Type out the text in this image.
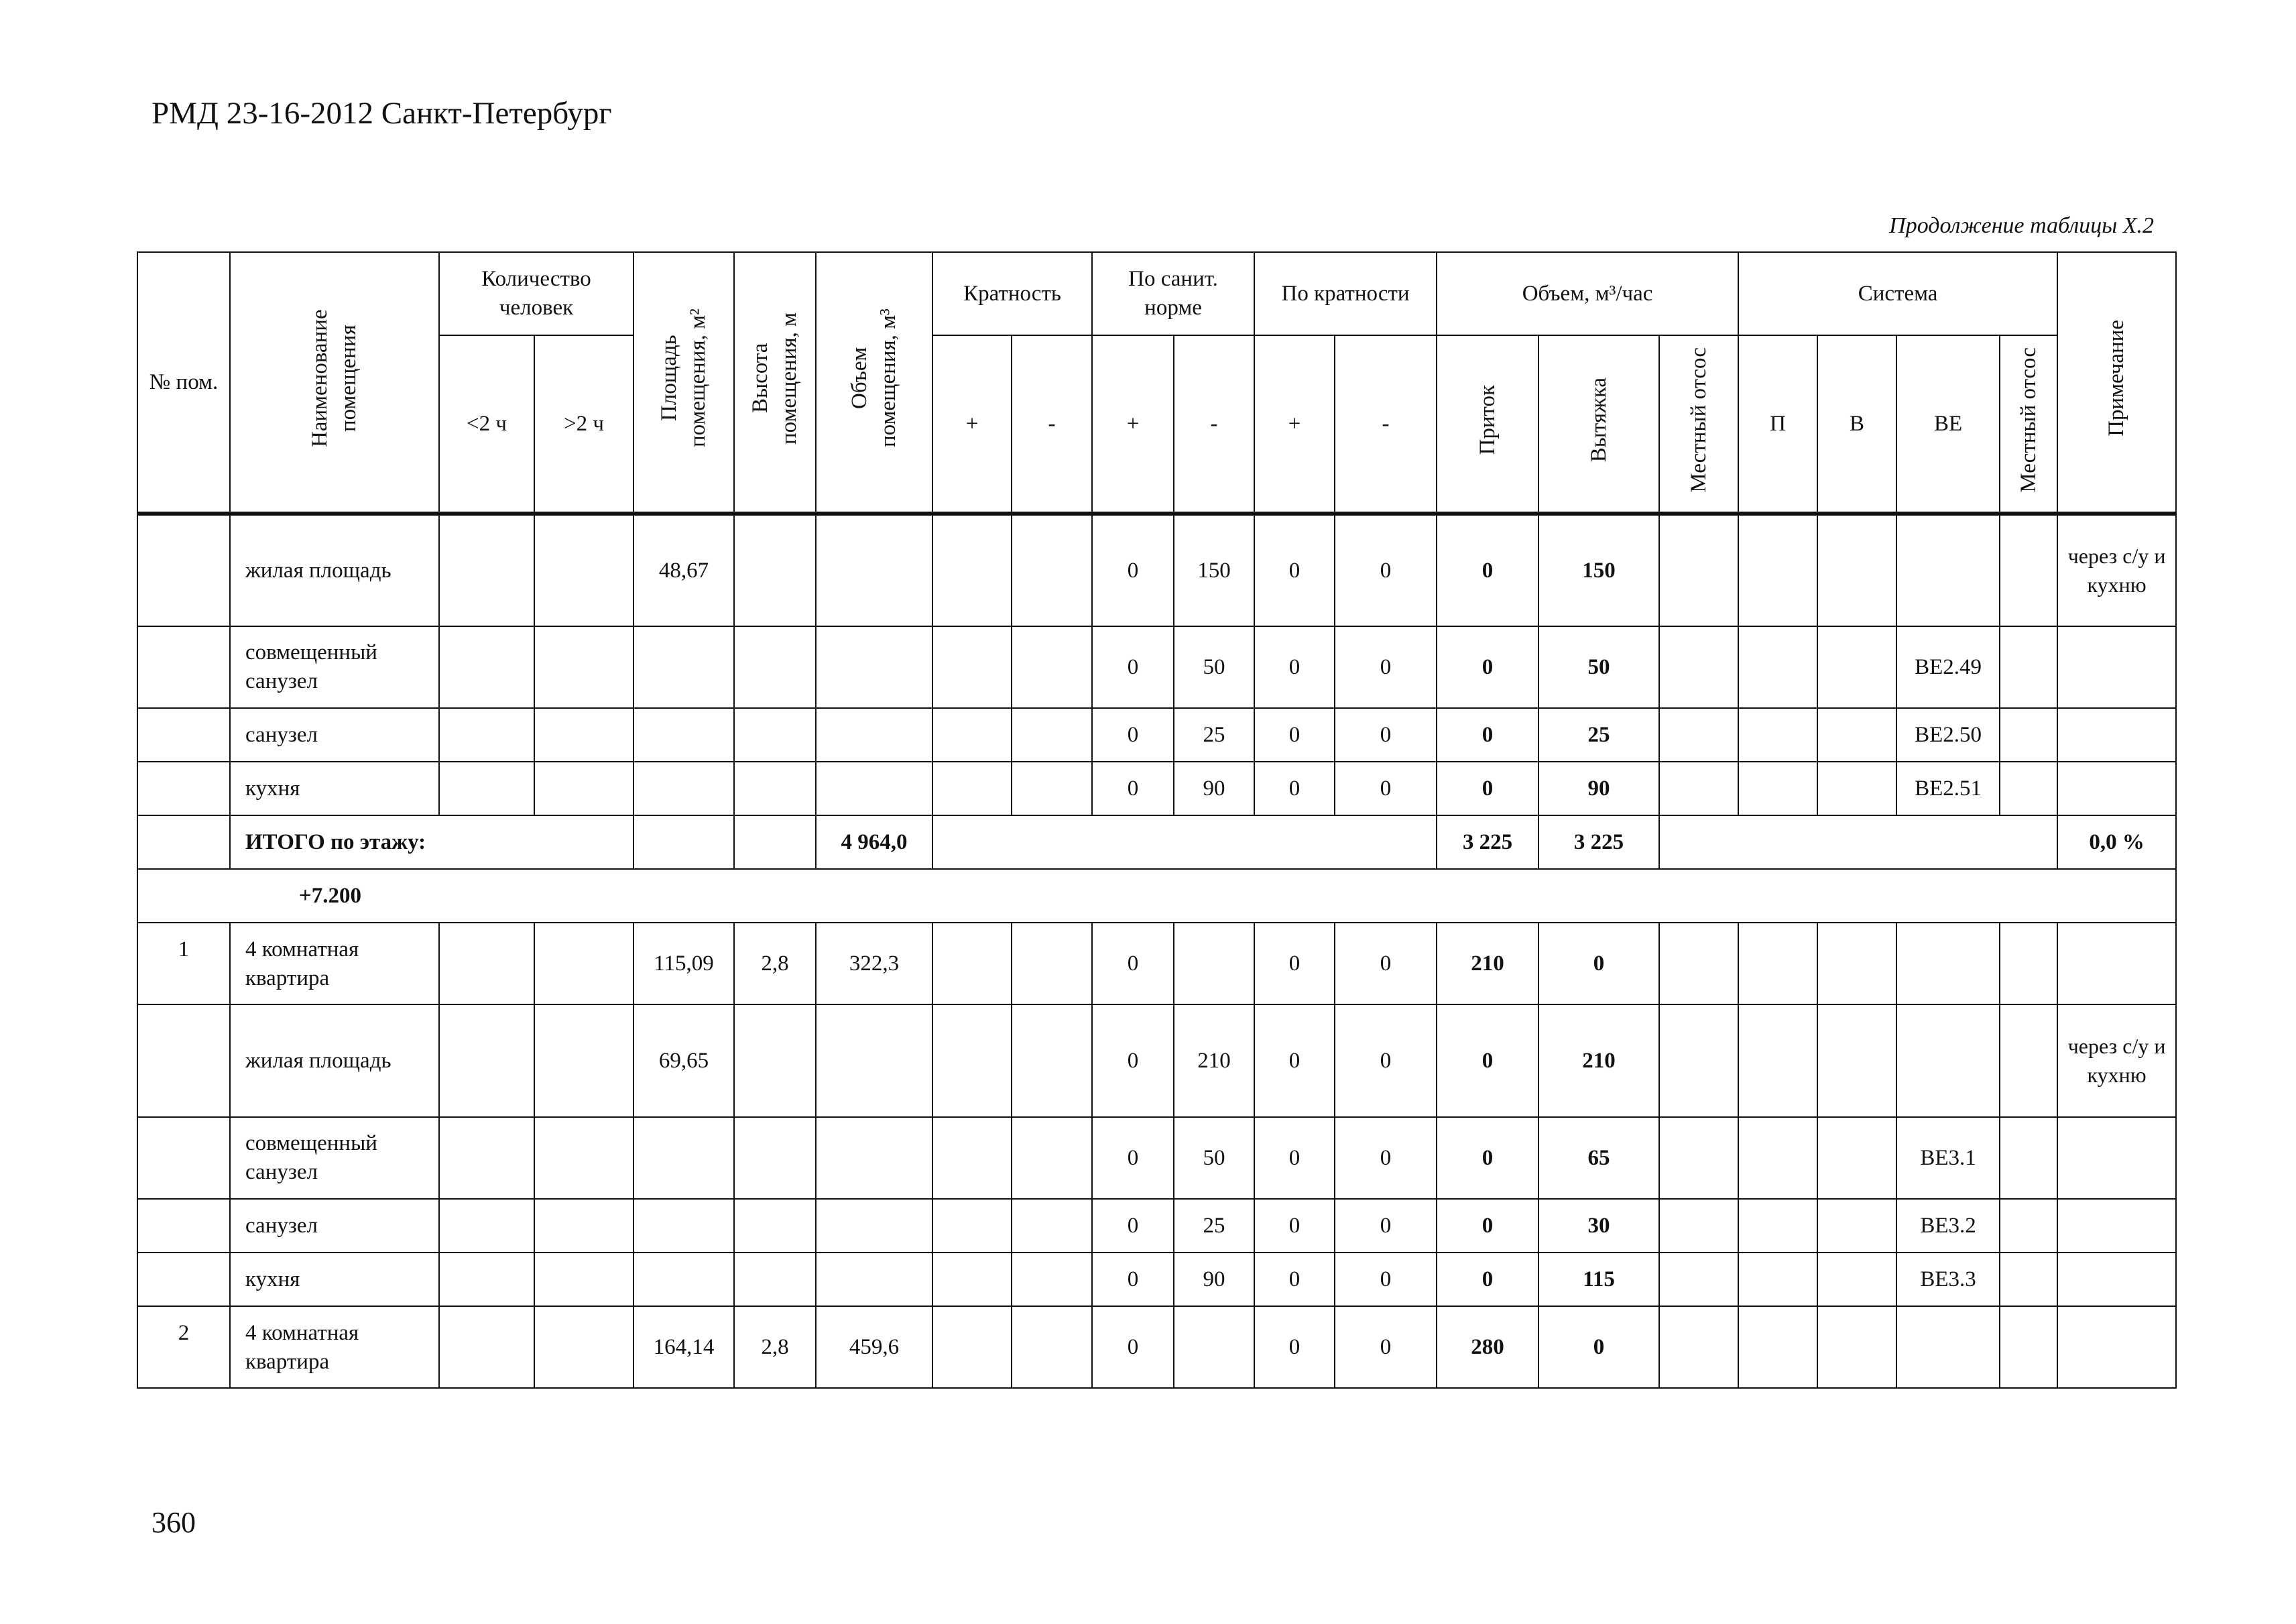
РМД 23-16-2012 Санкт-Петербург
Продолжение таблицы X.2
№ пом.	Наименование помещения	Количество человек		Площадь помещения, м²	Высота помещения, м	Объем помещения, м³	Кратность		По санит. норме		По кратности		Объем, м³/час			Система				Примечание
		<2 ч	>2 ч				+	-	+	-	+	-	Приток	Вытяжка	Местный отсос	П	В	ВЕ	Местный отсос	
	жилая площадь			48,67					0	150	0	0	0	150						через с/у и кухню
	совмещенный санузел								0	50	0	0	0	50				ВЕ2.49		
	санузел								0	25	0	0	0	25				ВЕ2.50		
	кухня								0	90	0	0	0	90				ВЕ2.51		
	ИТОГО по этажу:					4 964,0							3 225	3 225						0,0 %
+7.200																				
1	4 комнатная квартира			115,09	2,8	322,3			0		0	0	210	0						
	жилая площадь			69,65					0	210	0	0	0	210						через с/у и кухню
	совмещенный санузел								0	50	0	0	0	65				ВЕ3.1		
	санузел								0	25	0	0	0	30				ВЕ3.2		
	кухня								0	90	0	0	0	115				ВЕ3.3		
2	4 комнатная квартира			164,14	2,8	459,6			0		0	0	280	0						
360
